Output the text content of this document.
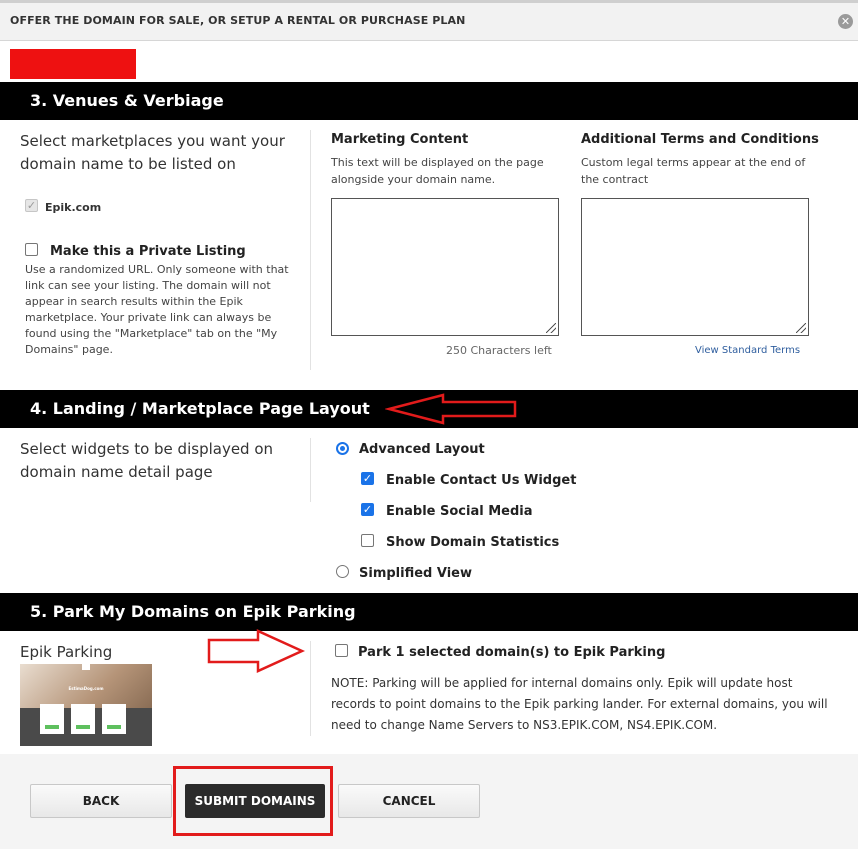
OFFER THE DOMAIN FOR SALE, OR SETUP A RENTAL OR PURCHASE PLAN	✕
3. Venues & Verbiage
Select marketplaces you want your domain name to be listed on
✓ Epik.com
Make this a Private Listing
Use a randomized URL. Only someone with that link can see your listing. The domain will not appear in search results within the Epik marketplace. Your private link can always be found using the "Marketplace" tab on the "My Domains" page.
Marketing Content
This text will be displayed on the page alongside your domain name.
250 Characters left
Additional Terms and Conditions
Custom legal terms appear at the end of the contract
View Standard Terms
4. Landing / Marketplace Page Layout
Select widgets to be displayed on domain name detail page
Advanced Layout
✓ Enable Contact Us Widget
✓ Enable Social Media
Show Domain Statistics
Simplified View
5. Park My Domains on Epik Parking
Epik Parking
EstimaDog.com
Park 1 selected domain(s) to Epik Parking
NOTE: Parking will be applied for internal domains only. Epik will update host records to point domains to the Epik parking lander. For external domains, you will need to change Name Servers to NS3.EPIK.COM, NS4.EPIK.COM.
BACK	SUBMIT DOMAINS	CANCEL
